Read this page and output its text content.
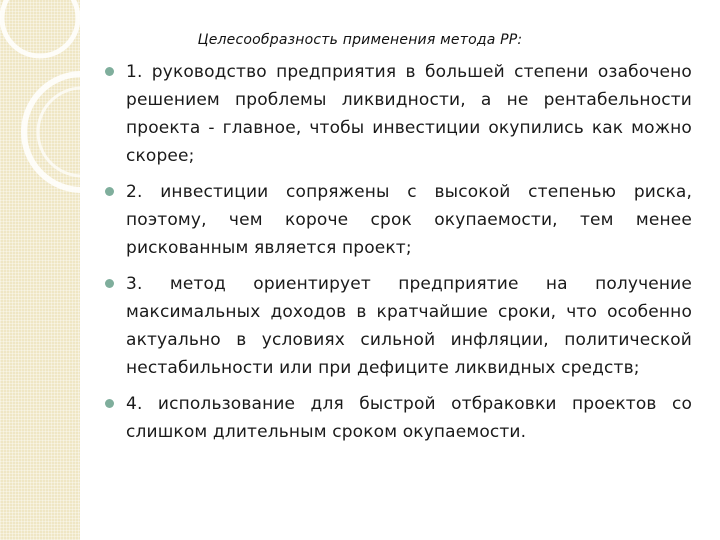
Целесообразность применения метода РР:
1. руководство предприятия в большей степени озабочено решением проблемы ликвидности, а не рентабельности проекта - главное, чтобы инвестиции окупились как можно скорее;
2. инвестиции сопряжены с высокой степенью риска, поэтому, чем короче срок окупаемости, тем менее рискованным является проект;
3. метод ориентирует предприятие на получение максимальных доходов в кратчайшие сроки, что особенно актуально в условиях сильной инфляции, политической нестабильности или при дефиците ликвидных средств;
4. использование для быстрой отбраковки проектов со слишком длительным сроком окупаемости.
